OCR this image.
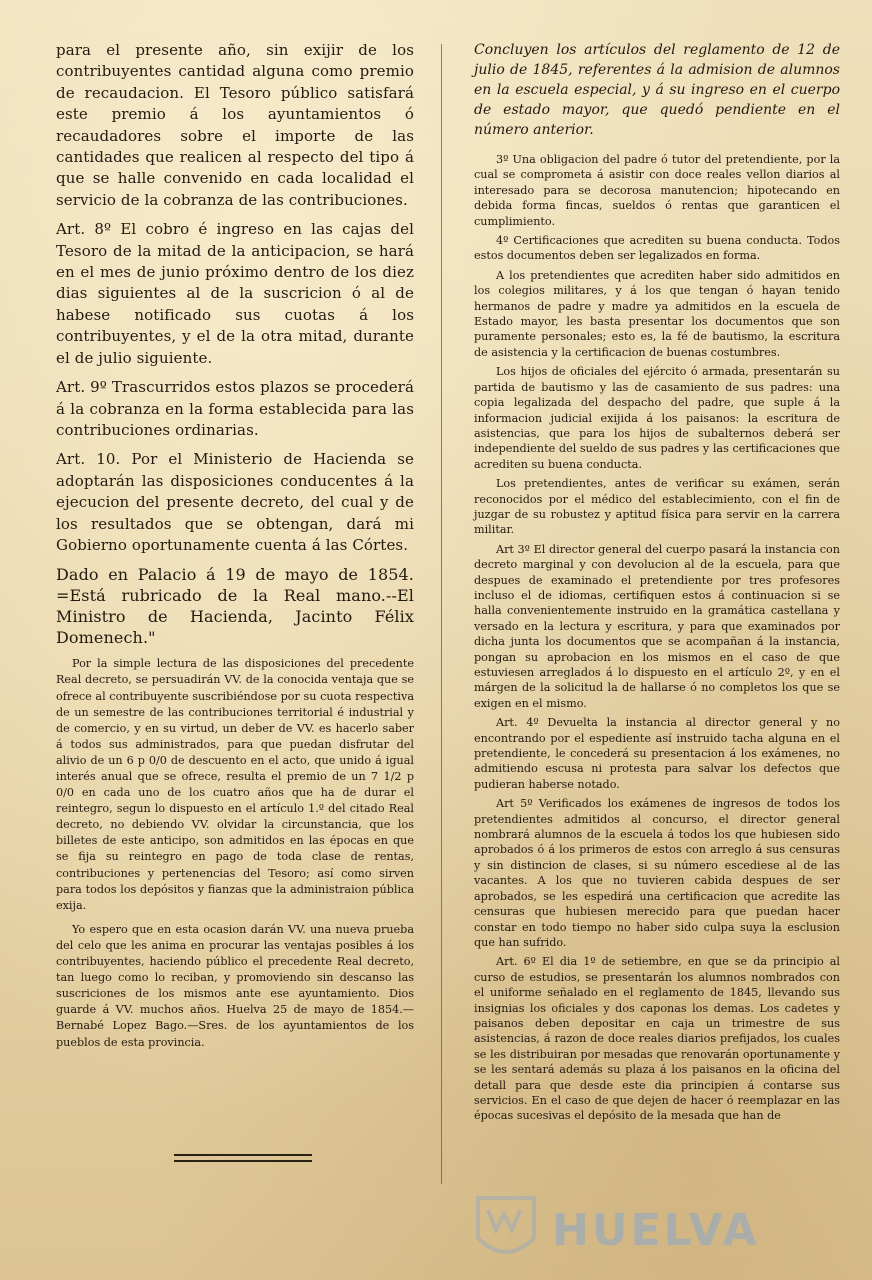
para el presente año, sin exijir de los contribuyentes cantidad alguna como premio de recaudacion. El Tesoro público satisfará este premio á los ayuntamientos ó recaudadores sobre el importe de las cantidades que realicen al respecto del tipo á que se halle convenido en cada localidad el servicio de la cobranza de las contribuciones.

Art. 8º El cobro é ingreso en las cajas del Tesoro de la mitad de la anticipacion, se hará en el mes de junio próximo dentro de los diez dias siguientes al de la suscricion ó al de habese notificado sus cuotas á los contribuyentes, y el de la otra mitad, durante el de julio siguiente.

Art. 9º Trascurridos estos plazos se procederá á la cobranza en la forma establecida para las contribuciones ordinarias.

Art. 10. Por el Ministerio de Hacienda se adoptarán las disposiciones conducentes á la ejecucion del presente decreto, del cual y de los resultados que se obtengan, dará mi Gobierno oportunamente cuenta á las Córtes.

Dado en Palacio á 19 de mayo de 1854. =Está rubricado de la Real mano.--El Ministro de Hacienda, Jacinto Félix Domenech."

Por la simple lectura de las disposiciones del precedente Real decreto, se persuadirán VV. de la conocida ventaja que se ofrece al contribuyente suscribiéndose por su cuota respectiva de un semestre de las contribuciones territorial é industrial y de comercio, y en su virtud, un deber de VV. es hacerlo saber á todos sus administrados, para que puedan disfrutar del alivio de un 6 p 0/0 de descuento en el acto, que unido á igual interés anual que se ofrece, resulta el premio de un 7 1/2 p 0/0 en cada uno de los cuatro años que ha de durar el reintegro, segun lo dispuesto en el artículo 1.º del citado Real decreto, no debiendo VV. olvidar la circunstancia, que los billetes de este anticipo, son admitidos en las épocas en que se fija su reintegro en pago de toda clase de rentas, contribuciones y pertenencias del Tesoro; así como sirven para todos los depósitos y fianzas que la administraion pública exija.

Yo espero que en esta ocasion darán VV. una nueva prueba del celo que les anima en procurar las ventajas posibles á los contribuyentes, haciendo público el precedente Real decreto, tan luego como lo reciban, y promoviendo sin descanso las suscriciones de los mismos ante ese ayuntamiento. Dios guarde á VV. muchos años. Huelva 25 de mayo de 1854.— Bernabé Lopez Bago.—Sres. de los ayuntamientos de los pueblos de esta provincia.

Concluyen los artículos del reglamento de 12 de julio de 1845, referentes á la admision de alumnos en la escuela especial, y á su ingreso en el cuerpo de estado mayor, que quedó pendiente en el número anterior.

3º Una obligacion del padre ó tutor del pretendiente, por la cual se comprometa á asistir con doce reales vellon diarios al interesado para se decorosa manutencion; hipotecando en debida forma fincas, sueldos ó rentas que garanticen el cumplimiento.

4º Certificaciones que acrediten su buena conducta. Todos estos documentos deben ser legalizados en forma.

A los pretendientes que acrediten haber sido admitidos en los colegios militares, y á los que tengan ó hayan tenido hermanos de padre y madre ya admitidos en la escuela de Estado mayor, les basta presentar los documentos que son puramente personales; esto es, la fé de bautismo, la escritura de asistencia y la certificacion de buenas costumbres.

Los hijos de oficiales del ejército ó armada, presentarán su partida de bautismo y las de casamiento de sus padres: una copia legalizada del despacho del padre, que suple á la informacion judicial exijida á los paisanos: la escritura de asistencias, que para los hijos de subalternos deberá ser independiente del sueldo de sus padres y las certificaciones que acrediten su buena conducta.

Los pretendientes, antes de verificar su exámen, serán reconocidos por el médico del establecimiento, con el fin de juzgar de su robustez y aptitud física para servir en la carrera militar.

Art 3º El director general del cuerpo pasará la instancia con decreto marginal y con devolucion al de la escuela, para que despues de examinado el pretendiente por tres profesores incluso el de idiomas, certifiquen estos á continuacion si se halla convenientemente instruido en la gramática castellana y versado en la lectura y escritura, y para que examinados por dicha junta los documentos que se acompañan á la instancia, pongan su aprobacion en los mismos en el caso de que estuviesen arreglados á lo dispuesto en el artículo 2º, y en el márgen de la solicitud la de hallarse ó no completos los que se exigen en el mismo.

Art. 4º Devuelta la instancia al director general y no encontrando por el espediente así instruido tacha alguna en el pretendiente, le concederá su presentacion á los exámenes, no admitiendo escusa ni protesta para salvar los defectos que pudieran haberse notado.

Art 5º Verificados los exámenes de ingresos de todos los pretendientes admitidos al concurso, el director general nombrará alumnos de la escuela á todos los que hubiesen sido aprobados ó á los primeros de estos con arreglo á sus censuras y sin distincion de clases, si su número escediese al de las vacantes. A los que no tuvieren cabida despues de ser aprobados, se les espedirá una certificacion que acredite las censuras que hubiesen merecido para que puedan hacer constar en todo tiempo no haber sido culpa suya la esclusion que han sufrido.

Art. 6º El dia 1º de setiembre, en que se da principio al curso de estudios, se presentarán los alumnos nombrados con el uniforme señalado en el reglamento de 1845, llevando sus insignias los oficiales y dos caponas los demas. Los cadetes y paisanos deben depositar en caja un trimestre de sus asistencias, á razon de doce reales diarios prefijados, los cuales se les distribuiran por mesadas que renovarán oportunamente y se les sentará además su plaza á los paisanos en la oficina del detall para que desde este dia principien á contarse sus servicios. En el caso de que dejen de hacer ó reemplazar en las épocas sucesivas el depósito de la mesada que han de

HUELVA
